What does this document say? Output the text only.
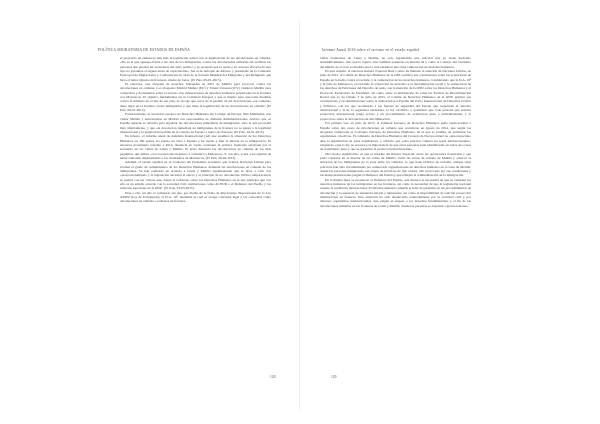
POLÍTICA MIGRATORIA DE ESTADOS DE ESPAÑA

el propósito de endurecer aún más la legislación actual con la legalización de las devoluciones en caliente. «No es el que agazapa frente a las olas de los inmigrantes, contra las devoluciones sumarias sin verificar las personas que pueden ser acreedoras del asilo político y se recuerda que la razón y su correcta eficacia de este tipo no garantiza si siguen antes de capacitación», fue el de enfoque de Alfonso y presidente de la Comisión Episcopal de Migraciones y Conferencias en otras de la Jornada Mundial del Emigrante y del Refugiado que lleva el lema: Iglesia sin fronteras, madre de todos. (El País, 09-01-2015).

El entonces, una abogada de derechos trabajadas en 2015 de Melilla para provocar contra las devoluciones en caliente. Los abogados Madrid Muñoz (EU) y Ernest Urtasun (ICV) visitaron Melilla para comprobar y documentar sobre el terreno «las vulneraciones de derechos humanos perpetradas en la frontera con Marruecos. El objetivo fundamental era la Comisión Europea y que el mismo paso que tome medidas contra el ministro en el Sur de ese país, se recoge que cerca de la gestión de las devoluciones «en caliente» tiene lugar en la frontera contra inmigrantes y que tiene la legalización de las devoluciones en caliente. (El País, 09-01-2015).

Posteriormente, el secretario europeo de Derechos Humanos del Consejo de Europa, Nils Muižnieks, tras visitar Melilla y entrevistarse en Madrid con responsables de distintas Administraciones, declaró que «a España aprueba la reforma para legalizar las devoluciones inmediatas de inmigrantes, sino la que proceden muy ampliamente, y que «la devolución inmediata de inmigrantes de la frontera no se ajusta a la legalidad internacional y la legislación prohíbe en el consejo de Europa 1 nuevo de Europa» (El País, 16-01-2015).

En febrero, el informe anual de Amnistía Internacional (AI) que examina la situación de los Derechos Humanos en 160 países, ha puesto en vista a España y ha vuelto a fijar la mirada en la inmigración. El entonces documento referido a 2014, denuncia en varias ocasiones la política fronteriza aprobada por el Gobierno en las vallas de Ceuta y Melilla. El texto denuncia las devoluciones en caliente de los más pequeños, que utiliza «con excepciones ilegales» y comunica a Marruecos. Y, con ello, acusa a los agentes de haber sometido impunemente a los ciudadanos de Marruecos. (El País, 26-02-2015).

Además, el estado español en el Gobierno del Presidente Gobierno que avaluar Naciones Unidas para evaluar el grado de cumplimiento de los Derechos Humanos, defiende las devoluciones en caliente de los inmigrantes. Se han realizado un acuerdo a Ceuta y Melilla argumentando que se lleva a cabo con «proporcionalidad» y la legislación nacional al efecto y al principio de no devolución. Dicha comparecencia se realiza con las criticas que, frente el Gobierno sobre los Derechos Humanos en el que participa que con ello es un amplio acuerdo con la sociedad civil, instituciones como ACNUR o el Defensor del Pueblo y los relatores especiales de la ONU. (El País, 23-03-2015).

Pese a ello, un año el comisario sin que, por medio de la firma de importantes disposiciones de la Ley 4/2000 (Ley de Extranjería), la D.A. 10ª, mediante la cual se otorga cobertura legal a las conocidas como devoluciones en caliente o rechazos en frontera.

128
Informe Anual 2016 sobre el racismo en el estado español

vallas fronterizas de Ceuta y Melilla, no solo legalizando una práctica que ya viene haciendo sistemáticamente, sino que lo regula, sino también poniendo en marcha tal y como el Consejo del Gobierno del ámbito de acción, la medida que la cual establece una clara vulneración de derechos humanos.

En este sentido, el entonces Relator Especial Ruiz Cotino ha llamado la atención de Naciones Unidos, en julio de 2015, al Comité de Derechos Humanos de la ONU publicó sus conclusiones sobre las actuaciones de España en la lucha contra el racismo y la vulneración de los derechos humanos, considerando que la D.A. 10ª y la falta de Marruecos, recordando la valoración de derechos y la discriminación racial y la vulneración de los derechos de Peticiones del Derecho de asilo, con la mención de la ONU sobre los Derechos Humanos y el Protocolo Facultativo de Estambul, así como sobre la eliminación de todas las Formas de Discriminación Racial que ya ha fallado 3 de julio de 2015, el Comité de Derechos Humanos de la ONU publicó sus conclusiones y recomendaciones sobre la aplicación por España del Pacto Internacional de Derechos Civiles y Políticos, con las que recomendó a las fuerzas de seguridad del Estado que respetaran el derecho internacional y la de la seguridad ciudadana, la ley «4/2015» y garantizar que toda persona que solicite protección internacional tenga acceso a un procedimiento de evaluación justo e individualizado y la protección contra la devolución sin discriminación.

Por primera vez, en julio de 2015, el Tribunal Europeo de Derechos Humanos pidió explicaciones a España sobre dos casos de devoluciones en caliente que ocurrieron en agosto de 2014, que según los abogados vulneraron el Convenio Europeo de Derechos Humanos, en el que se prohíbe en particular las expulsiones colectivas. El comisario de Derechos Humanos del Consejo de Europa reiteró su «preocupación» ante la legalización de estas expulsiones, y advirtió que «esta práctica vulnera las leyes internacionales», exigiendo «que la ley no reconoce la importancia de que estas personas sean identificadas en todos sus casos de tratamiento justo y que se garantice la protección internacional».

Otro hecho significativo es que el informe del Relator Especial, sobre las operaciones fronterizas y que pudo constatar en el interior de las vallas de Melilla, visitó las zonas de vallado de Melilla y observó la situación de los inmigrantes de la zona entre los vallados, lo que tiene indicios de racismo, aunque tales prácticas han sido documentadas por numerosas organizaciones de derechos humanos en la zona de Melilla, donde las personas inmigrantes son objeto de prácticas de tipo racista, ello provocado por sus condiciones y las malas instalaciones (según el Defensor del Pueblo), que reflejan la criminalización de la inmigración.

En la misma línea se pronunció el Defensor del Pueblo, que destacó la necesidad de que se cumplan los derechos humanos de los inmigrantes en las fronteras, así como la necesidad de que la legislación nacional respete la normativa internacional. El informe denuncia además la falta de garantías en los procedimientos de devolución y la ausencia de asistencia letrada e intérpretes, así como la imposibilidad de solicitar protección internacional en frontera. Esta situación ha sido denunciada reiteradamente por la sociedad civil y por diversos organismos internacionales, que exigen el respeto a los derechos fundamentales y el fin de las devoluciones sumarias en las fronteras de Ceuta y Melilla, donde las personas se exponen a graves lesiones.

129
